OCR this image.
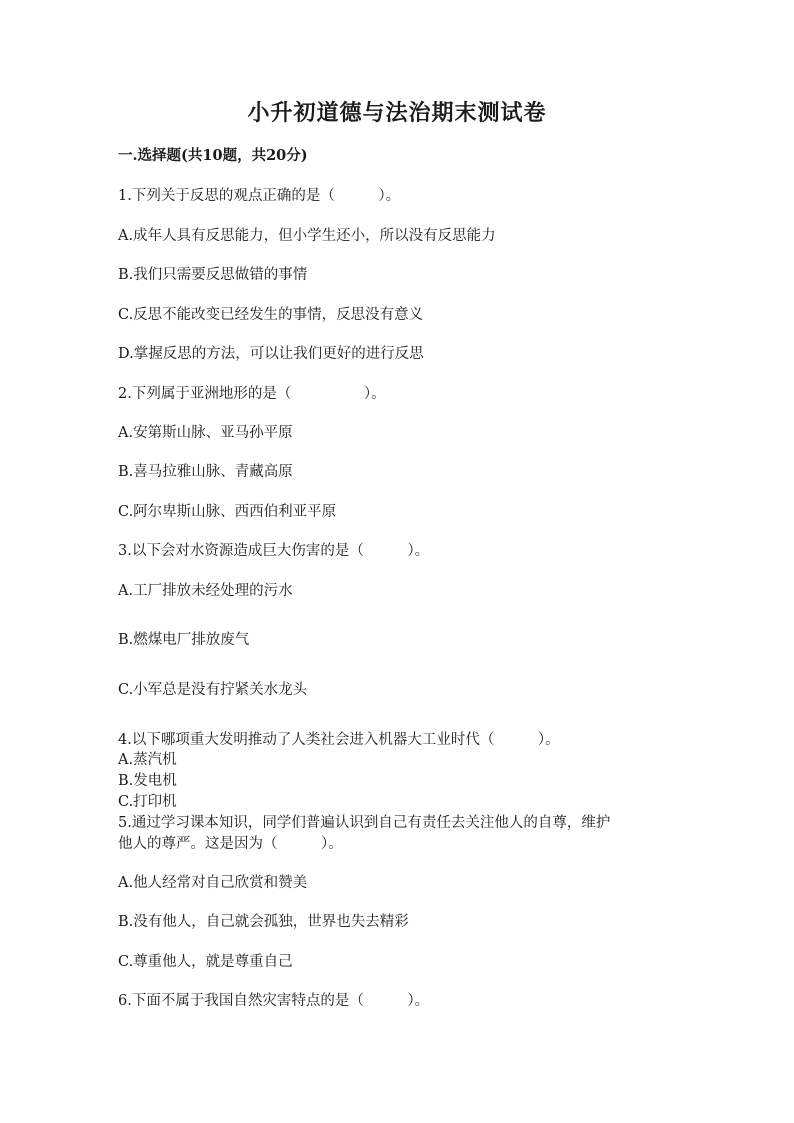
小升初道德与法治期末测试卷
一.选择题(共10题，共20分)
1.下列关于反思的观点正确的是（　　　）。
A.成年人具有反思能力，但小学生还小，所以没有反思能力
B.我们只需要反思做错的事情
C.反思不能改变已经发生的事情，反思没有意义
D.掌握反思的方法，可以让我们更好的进行反思
2.下列属于亚洲地形的是（　　　　　）。
A.安第斯山脉、亚马孙平原
B.喜马拉雅山脉、青藏高原
C.阿尔卑斯山脉、西西伯利亚平原
3.以下会对水资源造成巨大伤害的是（　　　）。
A.工厂排放未经处理的污水
B.燃煤电厂排放废气
C.小军总是没有拧紧关水龙头
4.以下哪项重大发明推动了人类社会进入机器大工业时代（　　　）。
A.蒸汽机
B.发电机
C.打印机
5.通过学习课本知识，同学们普遍认识到自己有责任去关注他人的自尊，维护
他人的尊严。这是因为（　　　）。
A.他人经常对自己欣赏和赞美
B.没有他人，自己就会孤独，世界也失去精彩
C.尊重他人，就是尊重自己
6.下面不属于我国自然灾害特点的是（　　　）。
